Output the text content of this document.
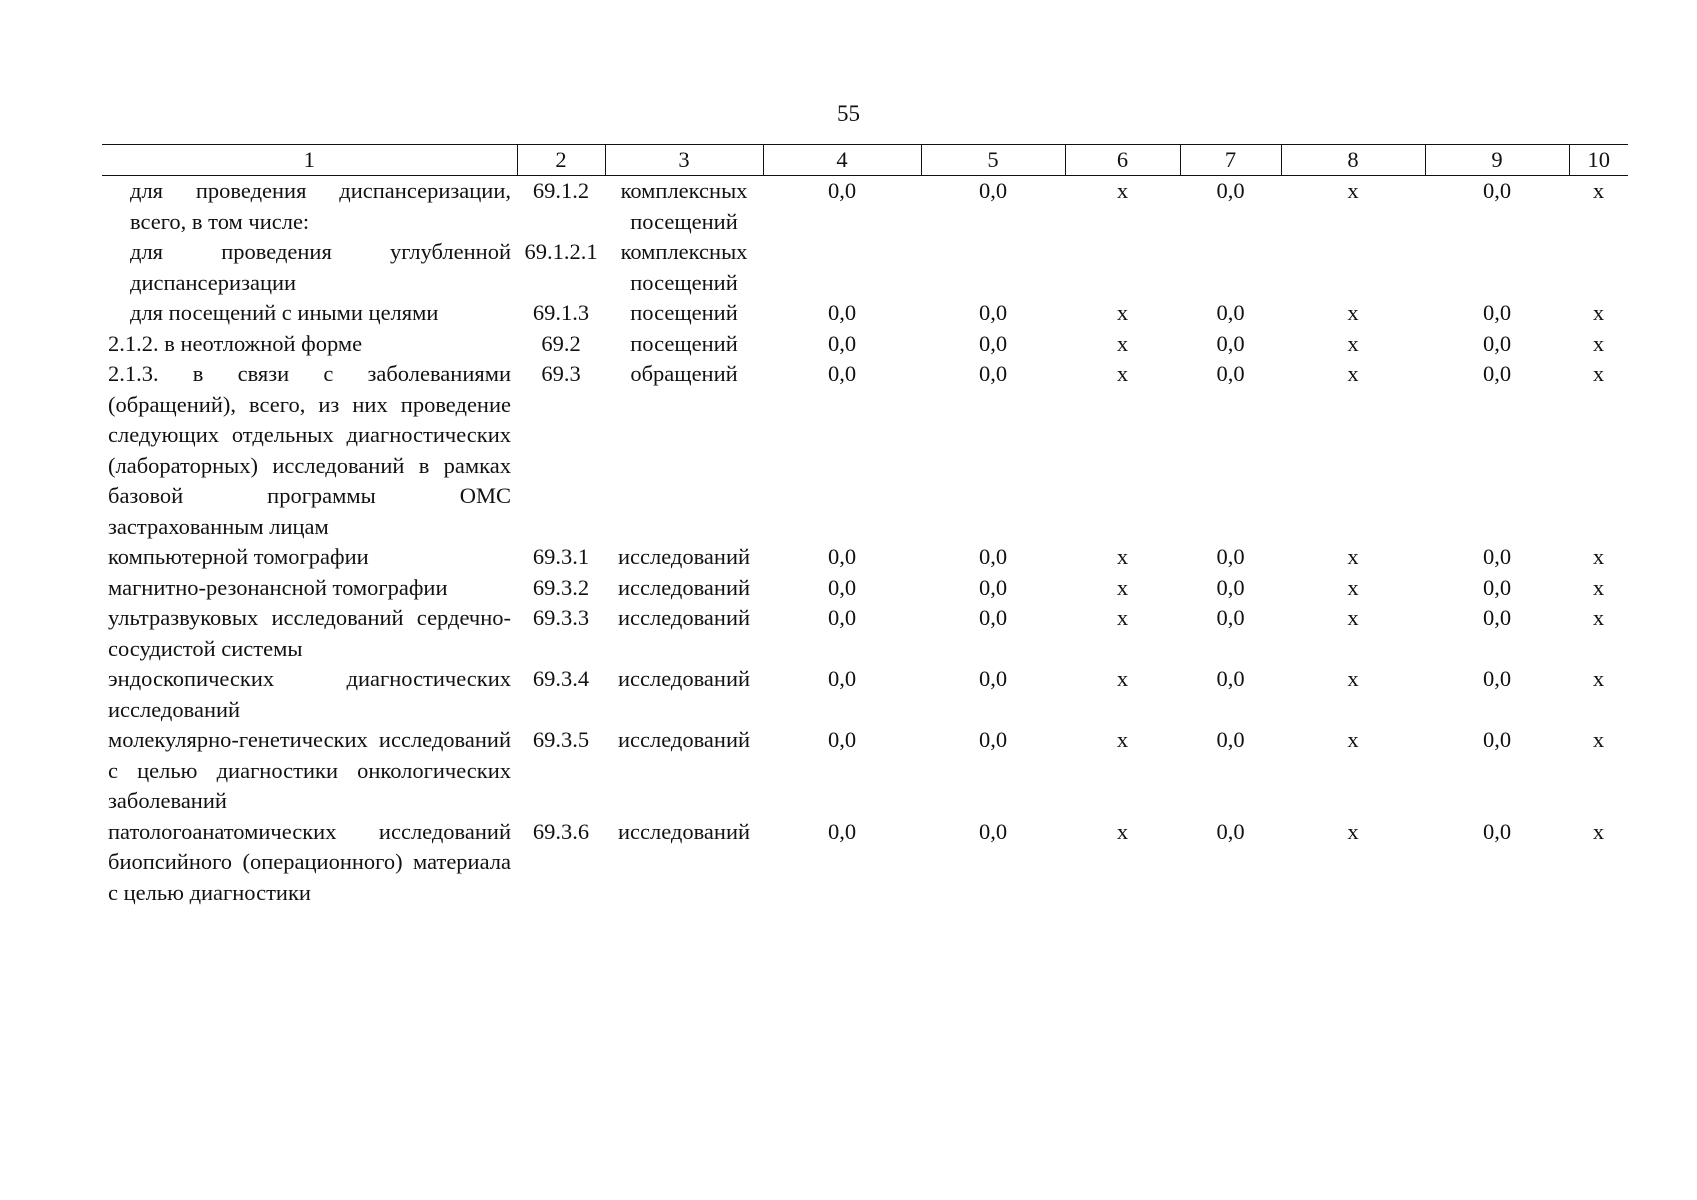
55
1	2	3	4	5	6	7	8	9	10
для проведения диспансеризации, всего, в том числе:	69.1.2	комплексных посещений	0,0	0,0	х	0,0	х	0,0	х
для проведения углубленной диспансеризации	69.1.2.1	комплексных посещений							
для посещений с иными целями	69.1.3	посещений	0,0	0,0	х	0,0	х	0,0	х
2.1.2. в неотложной форме	69.2	посещений	0,0	0,0	х	0,0	х	0,0	х
2.1.3. в связи с заболеваниями (обращений), всего, из них проведение следующих отдельных диагностических (лабораторных) исследований в рамках базовой программы ОМС застрахованным лицам	69.3	обращений	0,0	0,0	х	0,0	х	0,0	х
компьютерной томографии	69.3.1	исследований	0,0	0,0	х	0,0	х	0,0	х
магнитно-резонансной томографии	69.3.2	исследований	0,0	0,0	х	0,0	х	0,0	х
ультразвуковых исследований сердечно-сосудистой системы	69.3.3	исследований	0,0	0,0	х	0,0	х	0,0	х
эндоскопических диагностических исследований	69.3.4	исследований	0,0	0,0	х	0,0	х	0,0	х
молекулярно-генетических исследований с целью диагностики онкологических заболеваний	69.3.5	исследований	0,0	0,0	х	0,0	х	0,0	х
патологоанатомических исследований биопсийного (операционного) материала с целью диагностики	69.3.6	исследований	0,0	0,0	х	0,0	х	0,0	х
